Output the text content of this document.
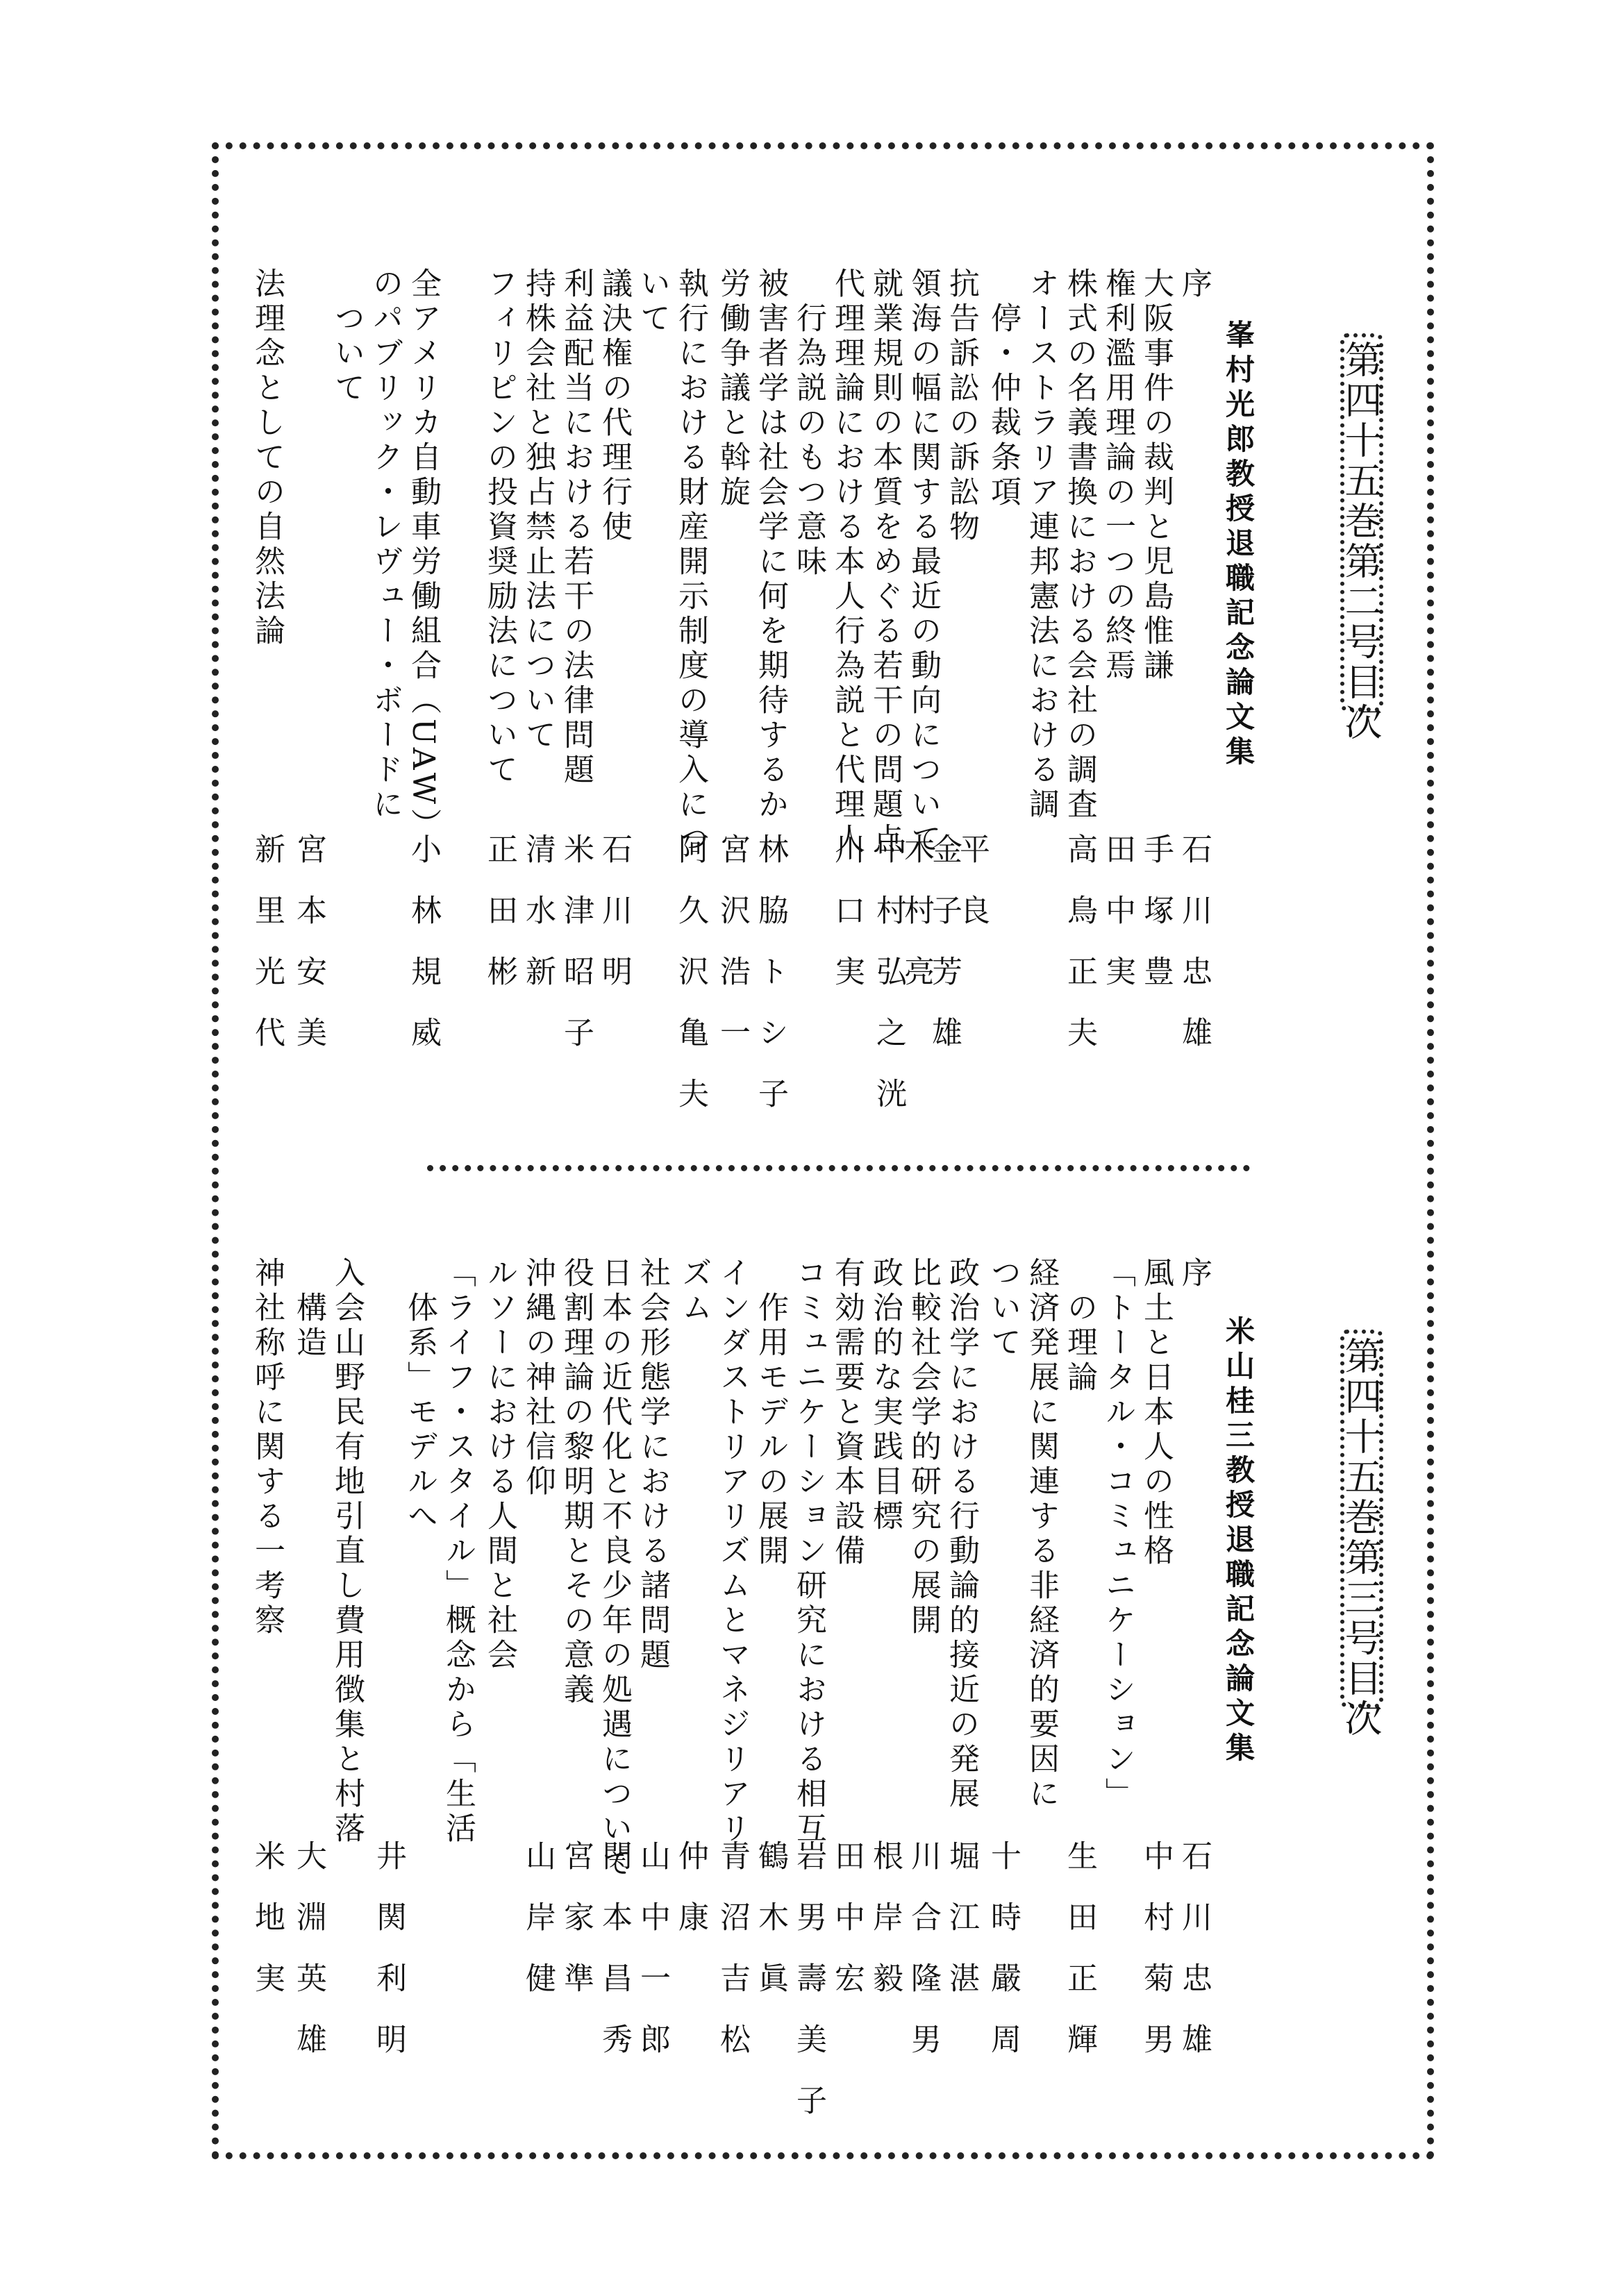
第四十五巻第二号目次
峯村光郎教授退職記念論文集
序
大阪事件の裁判と児島惟謙
権利濫用理論の一つの終焉
株式の名義書換における会社の調査
オーストラリア連邦憲法における調
　停・仲裁条項
抗告訴訟の訴訟物
領海の幅に関する最近の動向について
就業規則の本質をめぐる若干の問題点
代理理論における本人行為説と代理人
　行為説のもつ意味
被害者学は社会学に何を期待するか
労働争議と斡旋
執行における財産開示制度の導入につ
いて
議決権の代理行使
利益配当における若干の法律問題
持株会社と独占禁止法について
フィリピンの投資奨励法について
全アメリカ自動車労働組合（UAW）
のパブリック・レヴュー・ボードに
　ついて
法理念としての自然法論
石川忠雄
手塚豊
田中実
高鳥正夫
平良
金子芳雄
木村亮
中村弘之洸
川口実
林脇トシ子
宮沢浩一
阿久沢亀夫
石川明
米津昭子
清水新
正田彬
小林規威
宮本安美
新里光代
第四十五巻第三号目次
米山桂三教授退職記念論文集
序
風土と日本人の性格
「トータル・コミュニケーション」
　の理論
経済発展に関連する非経済的要因に
ついて
政治学における行動論的接近の発展
比較社会学的研究の展開
政治的な実践目標
有効需要と資本設備
コミュニケーション研究における相互
　作用モデルの展開
インダストリアリズムとマネジリアリ
ズム
社会形態学における諸問題
日本の近代化と不良少年の処遇について
役割理論の黎明期とその意義
沖縄の神社信仰
ルソーにおける人間と社会
「ライフ・スタイル」概念から「生活
　体系」モデルへ
入会山野民有地引直し費用徴集と村落
　構造
神社称呼に関する一考察
石川忠雄
中村菊男
生田正輝
十時嚴周
堀江湛
川合隆男
根岸毅
田中宏
岩男壽美子
鶴木眞
青沼吉松
仲康
山中一郎
関本昌秀
宮家準
山岸健
井関利明
大淵英雄
米地実
